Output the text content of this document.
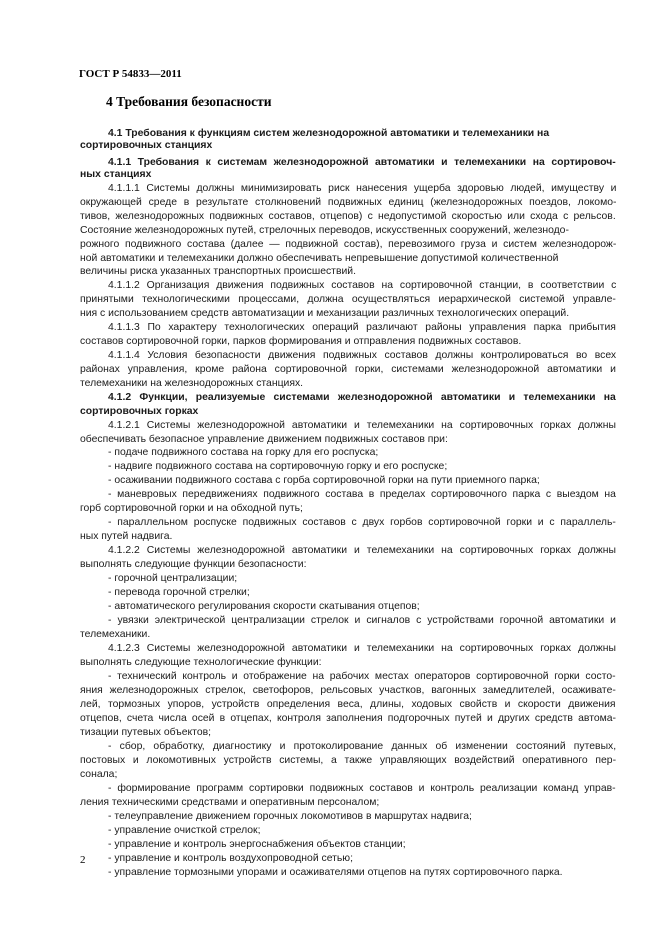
4.1 Требования к функциям систем железнодорожной автоматики и телемеханики на
сортировочных станциях
4.1.1 Требования к системам железнодорожной автоматики и телемеханики на сортировоч-
ных станциях
4.1.1.1 Системы должны минимизировать риск нанесения ущерба здоровью людей, имуществу и
окружающей среде в результате столкновений подвижных единиц (железнодорожных поездов, локомо-
тивов, железнодорожных подвижных составов, отцепов) с недопустимой скоростью или схода с рельсов.
Состояние железнодорожных путей, стрелочных переводов, искусственных сооружений, железнодо-
рожного подвижного состава (далее — подвижной состав), перевозимого груза и систем железнодорож-
ной автоматики и телемеханики должно обеспечивать непревышение допустимой количественной
величины риска указанных транспортных происшествий.
4.1.1.2 Организация движения подвижных составов на сортировочной станции, в соответствии с
принятыми технологическими процессами, должна осуществляться иерархической системой управле-
ния с использованием средств автоматизации и механизации различных технологических операций.
4.1.1.3 По характеру технологических операций различают районы управления парка прибытия
составов сортировочной горки, парков формирования и отправления подвижных составов.
4.1.1.4 Условия безопасности движения подвижных составов должны контролироваться во всех
районах управления, кроме района сортировочной горки, системами железнодорожной автоматики и
телемеханики на железнодорожных станциях.
4.1.2 Функции, реализуемые системами железнодорожной автоматики и телемеханики на
сортировочных горках
4.1.2.1 Системы железнодорожной автоматики и телемеханики на сортировочных горках должны
обеспечивать безопасное управление движением подвижных составов при:
- подаче подвижного состава на горку для его роспуска;
- надвиге подвижного состава на сортировочную горку и его роспуске;
- осаживании подвижного состава с горба сортировочной горки на пути приемного парка;
- маневровых передвижениях подвижного состава в пределах сортировочного парка с выездом на
горб сортировочной горки и на обходной путь;
- параллельном роспуске подвижных составов с двух горбов сортировочной горки и с параллель-
ных путей надвига.
4.1.2.2 Системы железнодорожной автоматики и телемеханики на сортировочных горках должны
выполнять следующие функции безопасности:
- горочной централизации;
- перевода горочной стрелки;
- автоматического регулирования скорости скатывания отцепов;
- увязки электрической централизации стрелок и сигналов с устройствами горочной автоматики и
телемеханики.
4.1.2.3 Системы железнодорожной автоматики и телемеханики на сортировочных горках должны
выполнять следующие технологические функции:
- технический контроль и отображение на рабочих местах операторов сортировочной горки состо-
яния железнодорожных стрелок, светофоров, рельсовых участков, вагонных замедлителей, осаживате-
лей, тормозных упоров, устройств определения веса, длины, ходовых свойств и скорости движения
отцепов, счета числа осей в отцепах, контроля заполнения подгорочных путей и других средств автома-
тизации путевых объектов;
- сбор, обработку, диагностику и протоколирование данных об изменении состояний путевых,
постовых и локомотивных устройств системы, а также управляющих воздействий оперативного пер-
сонала;
- формирование программ сортировки подвижных составов и контроль реализации команд управ-
ления техническими средствами и оперативным персоналом;
- телеуправление движением горочных локомотивов в маршрутах надвига;
- управление очисткой стрелок;
- управление и контроль энергоснабжения объектов станции;
- управление и контроль воздухопроводной сетью;
- управление тормозными упорами и осаживателями отцепов на путях сортировочного парка.
ГОСТ Р 54833—2011
4 Требования безопасности
2
